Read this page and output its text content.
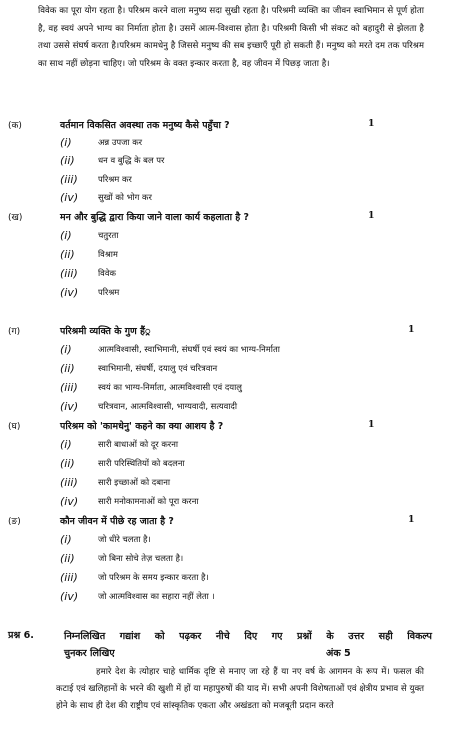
विवेक का पूरा योग रहता है। परिश्रम करने वाला मनुष्य सदा सुखी रहता है। परिश्रमी व्यक्ति का जीवन स्वाभिमान से पूर्ण होता है, वह स्वयं अपने भाग्य का निर्माता होता है। उसमें आत्म-विश्वास होता है। परिश्रमी किसी भी संकट को बहादुरी से झेलता है तथा उससे संघर्ष करता है।परिश्रम कामधेनु है जिससे मनुष्य की सब इच्छाएँ पूरी हो सकती हैं। मनुष्य को मरते दम तक परिश्रम का साथ नहीं छोड़ना चाहिए। जो परिश्रम के वक्त इन्कार करता है, वह जीवन में पिछड़ जाता है।

(क)	वर्तमान विकसित अवस्था तक मनुष्य कैसे पहुँचा ?	1
(i)	अन्न उपजा कर
(ii)	धन व बुद्धि के बल पर
(iii) परिश्रम कर
(iv) सुखों को भोग कर
(ख)	मन और बुद्धि द्वारा किया जाने वाला कार्य कहलाता है ?	1
(i)	चतुरता
(ii)	विश्राम
(iii) विवेक
(iv) परिश्रम
(ग)	परिश्रमी व्यक्ति के गुण हैं्र	1
(i)	आत्मविश्वासी, स्वाभिमानी, संघर्षी एवं स्वयं का भाग्य-निर्माता
(ii)	स्वाभिमानी, संघर्षी, दयालु एवं चरित्रवान
(iii) स्वयं का भाग्य-निर्माता, आत्मविश्वासी एवं दयालु
(iv) चरित्रवान, आत्मविश्वासी, भाग्यवादी, सत्यवादी
(घ)	परिश्रम को 'कामधेनु' कहने का क्या आशय है ?	1
(i)	सारी बाधाओं को दूर करना
(ii)	सारी परिस्थितियों को बदलना
(iii) सारी इच्छाओं को दबाना
(iv) सारी मनोकामनाओं को पूरा करना
(ङ)	कौन जीवन में पीछे रह जाता है ?	1
(i)	जो धीरे चलता है।
(ii)	जो बिना सोचे तेज़ चलता है।
(iii) जो परिश्रम के समय इन्कार करता है।
(iv) जो आत्मविश्वास का सहारा नहीं लेता ।
प्रश्न 6.	निम्नलिखित गद्यांश को पढ़कर नीचे दिए गए प्रश्नों के उत्तर सही विकल्प
चुनकर लिखिए	अंक 5
हमारे देश के त्योहार चाहे धार्मिक दृष्टि से मनाए जा रहे हैं या नए वर्ष के आगमन के रूप में। फसल की कटाई एवं खलिहानों के भरने की खुशी में हों या महापुरुषों की याद में। सभी अपनी विशेषताओं एवं क्षेत्रीय प्रभाव से युक्त होने के साथ ही देश की राष्ट्रीय एवं सांस्कृतिक एकता और अखंडता को मजबूती प्रदान करते
